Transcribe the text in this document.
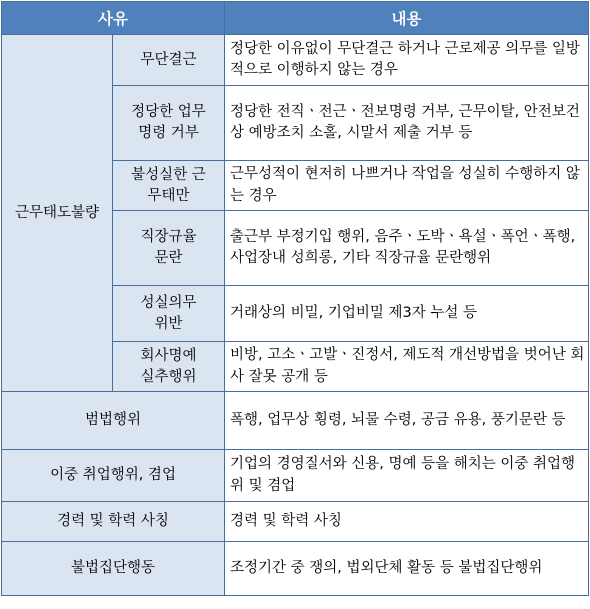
사유		내용
근무태도불량	무단결근	정당한 이유없이 무단결근 하거나 근로제공 의무를 일방적으로 이행하지 않는 경우
	정당한 업무명령 거부	정당한 전직ㆍ전근ㆍ전보명령 거부, 근무이탈, 안전보건상 예방조치 소홀, 시말서 제출 거부 등
	불성실한 근무태만	근무성적이 현저히 나쁘거나 작업을 성실히 수행하지 않는 경우
	직장규율 문란	출근부 부정기입 행위, 음주ㆍ도박ㆍ욕설ㆍ폭언ㆍ폭행, 사업장내 성희롱, 기타 직장규율 문란행위
	성실의무 위반	거래상의 비밀, 기업비밀 제3자 누설 등
	회사명예 실추행위	비방, 고소ㆍ고발ㆍ진정서, 제도적 개선방법을 벗어난 회사 잘못 공개 등
범법행위		폭행, 업무상 횡령, 뇌물 수령, 공금 유용, 풍기문란 등
이중 취업행위, 겸업		기업의 경영질서와 신용, 명예 등을 해치는 이중 취업행위 및 겸업
경력 및 학력 사칭		경력 및 학력 사칭
불법집단행동		조정기간 중 쟁의, 법외단체 활동 등 불법집단행위
